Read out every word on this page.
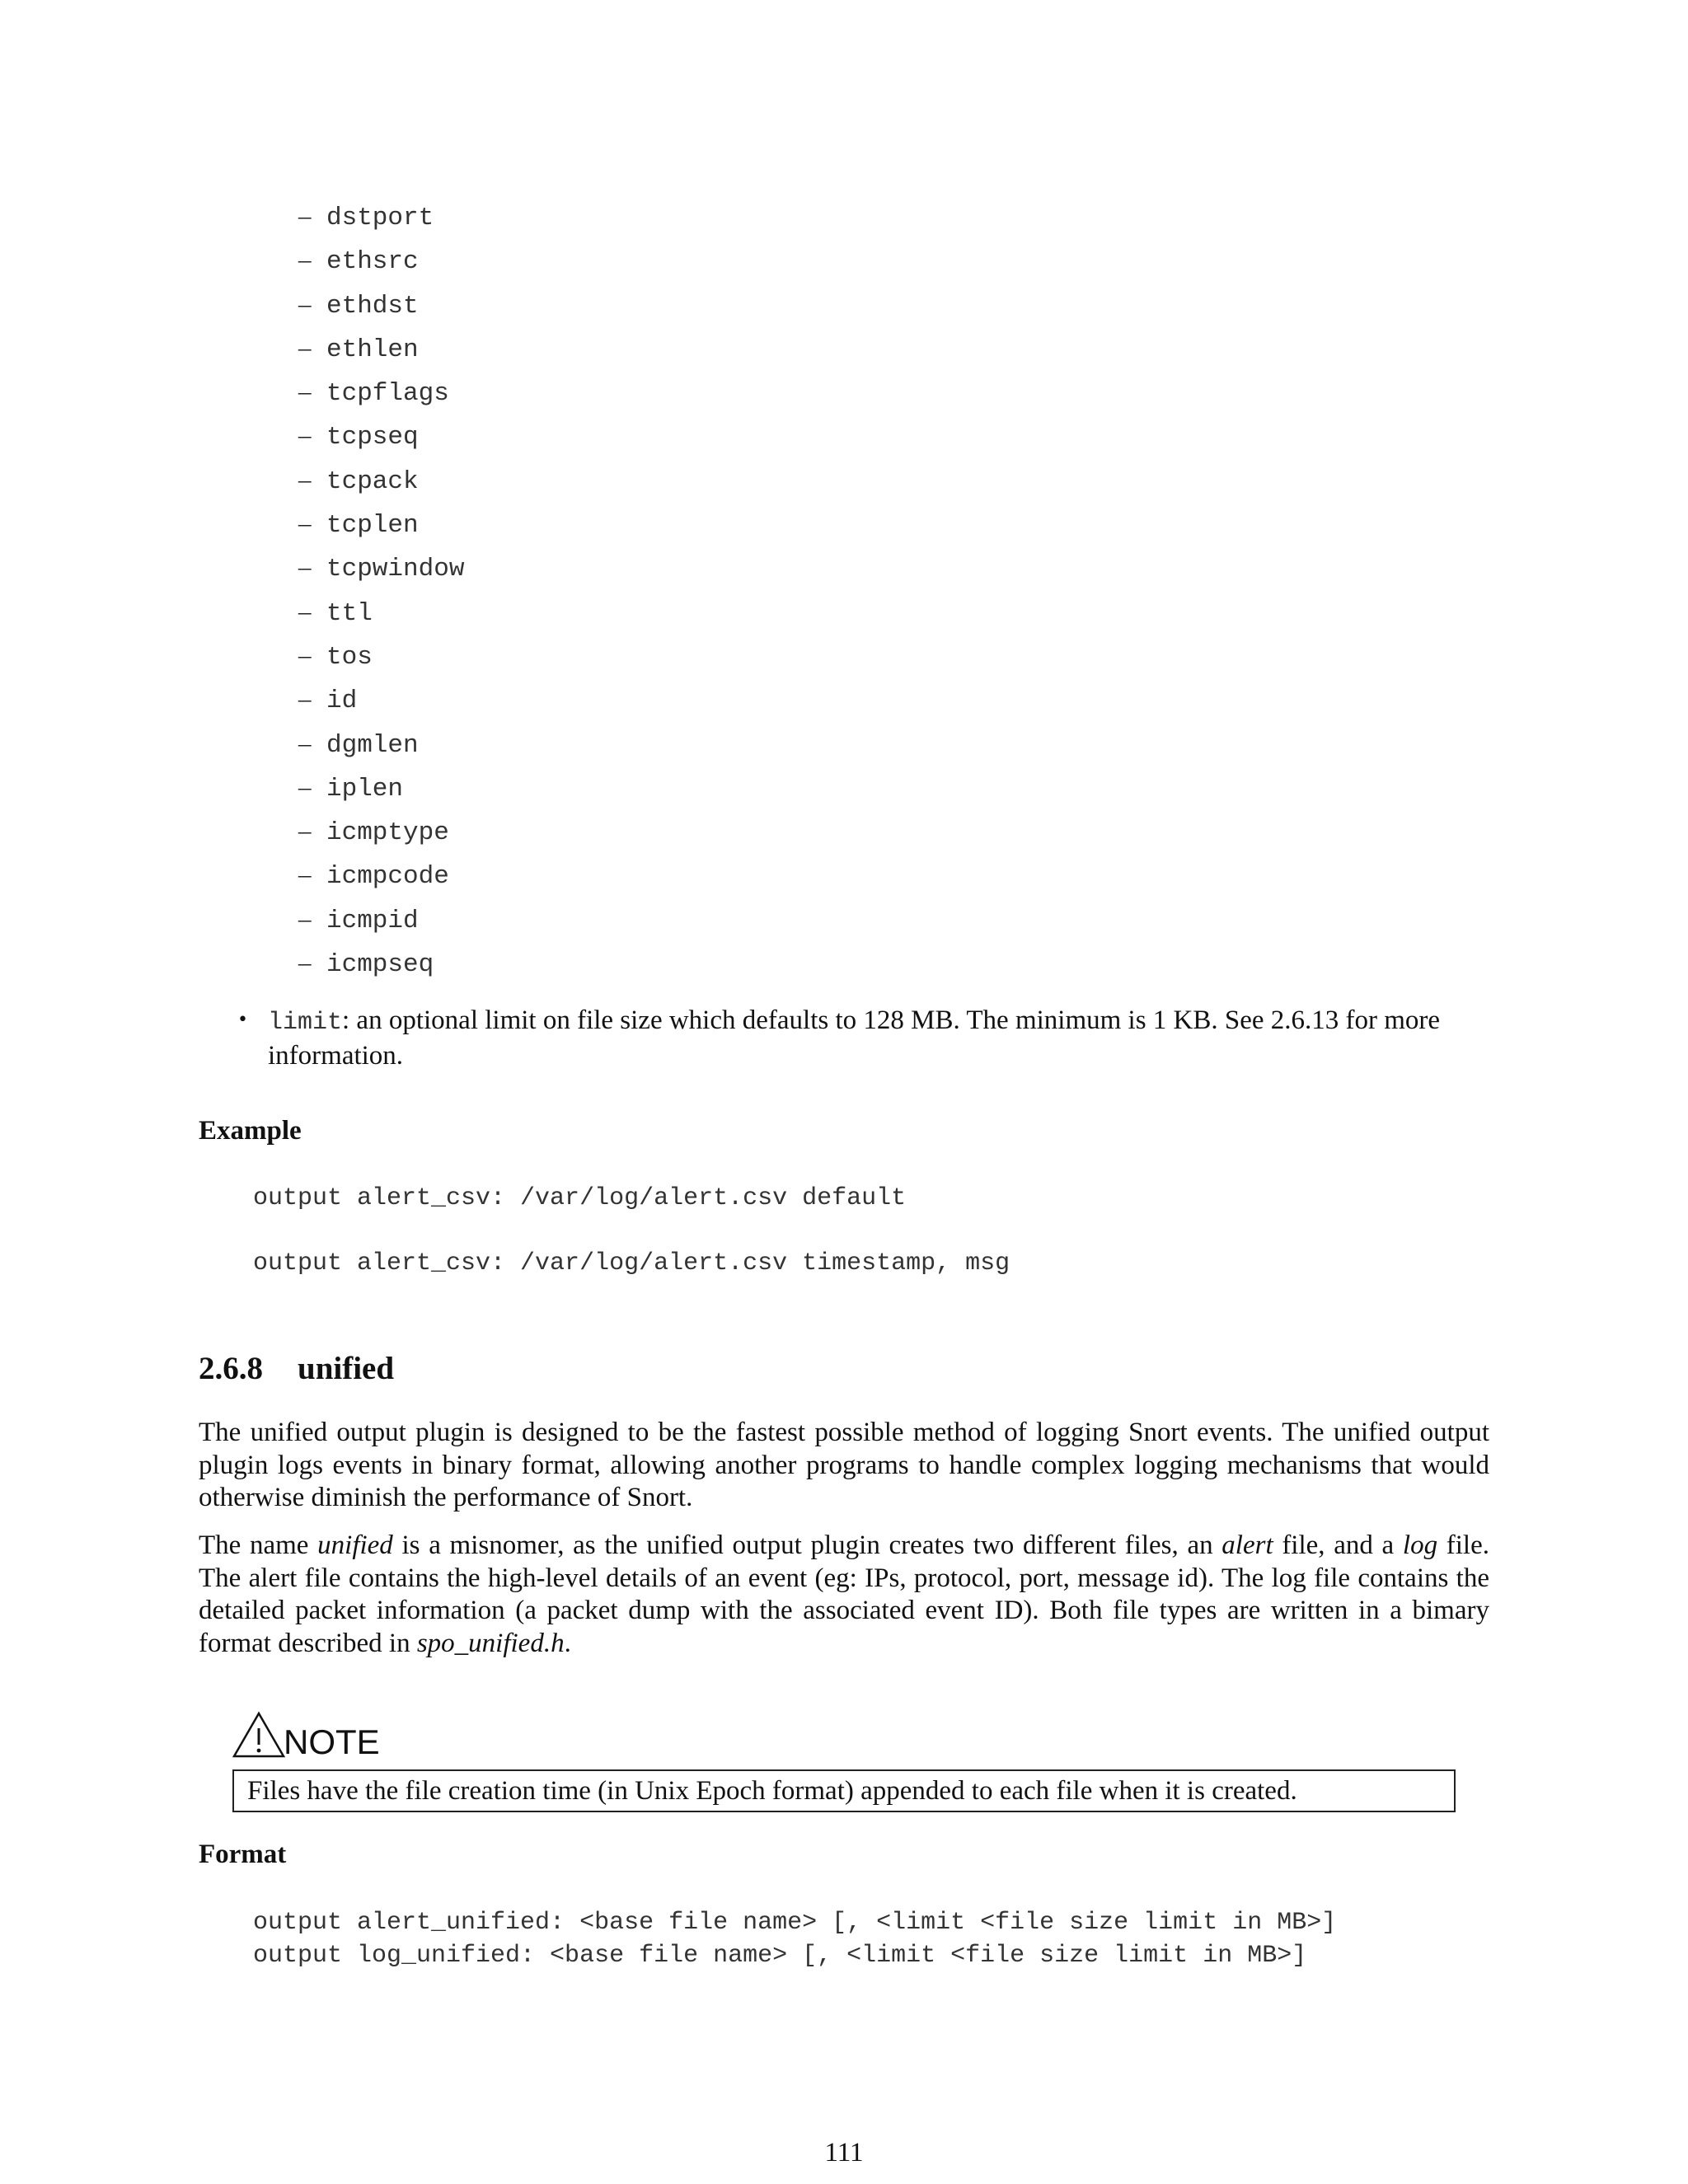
– dstport
– ethsrc
– ethdst
– ethlen
– tcpflags
– tcpseq
– tcpack
– tcplen
– tcpwindow
– ttl
– tos
– id
– dgmlen
– iplen
– icmptype
– icmpcode
– icmpid
– icmpseq
• limit: an optional limit on file size which defaults to 128 MB. The minimum is 1 KB. See 2.6.13 for more information.
Example
output alert_csv: /var/log/alert.csv default
output alert_csv: /var/log/alert.csv timestamp, msg
2.6.8 unified
The unified output plugin is designed to be the fastest possible method of logging Snort events. The unified output plugin logs events in binary format, allowing another programs to handle complex logging mechanisms that would otherwise diminish the performance of Snort.
The name unified is a misnomer, as the unified output plugin creates two different files, an alert file, and a log file. The alert file contains the high-level details of an event (eg: IPs, protocol, port, message id). The log file contains the detailed packet information (a packet dump with the associated event ID). Both file types are written in a bimary format described in spo_unified.h.
NOTE
Files have the file creation time (in Unix Epoch format) appended to each file when it is created.
Format
output alert_unified: <base file name> [, <limit <file size limit in MB>]
output log_unified: <base file name> [, <limit <file size limit in MB>]
111
